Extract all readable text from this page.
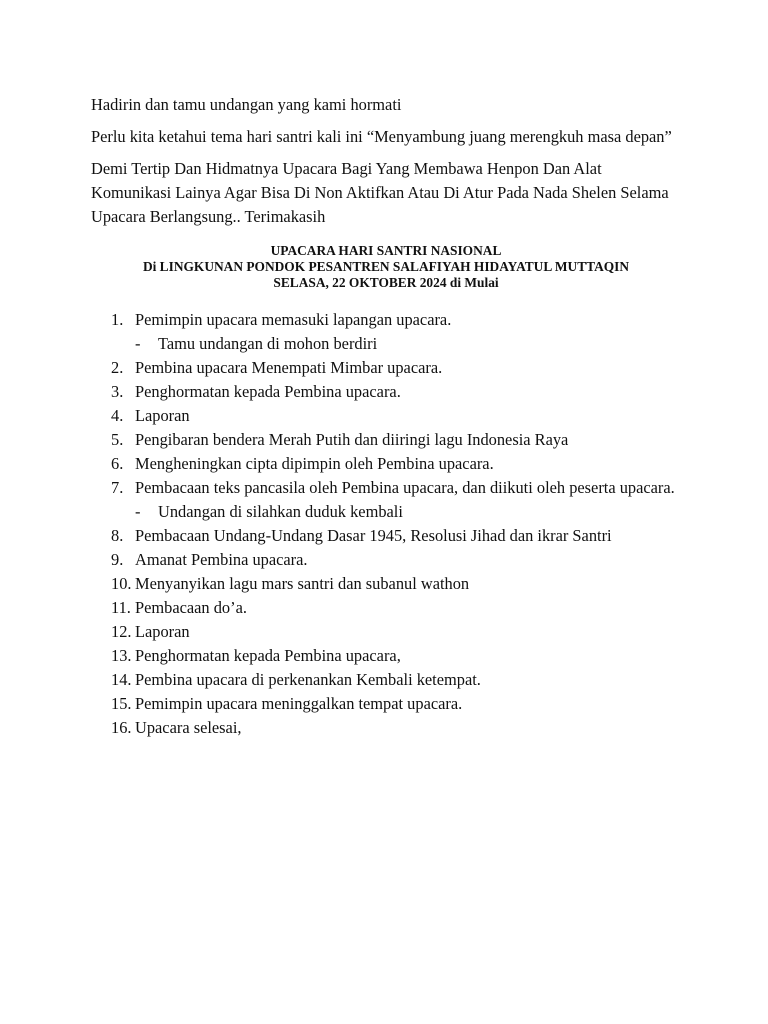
Hadirin dan tamu undangan yang kami hormati

Perlu kita ketahui tema hari santri kali ini “Menyambung juang merengkuh masa depan”

Demi Tertip Dan Hidmatnya Upacara Bagi Yang Membawa Henpon Dan Alat Komunikasi Lainya Agar Bisa Di Non Aktifkan Atau Di Atur Pada Nada Shelen Selama Upacara Berlangsung.. Terimakasih

UPACARA HARI SANTRI NASIONAL
Di LINGKUNAN PONDOK PESANTREN SALAFIYAH HIDAYATUL MUTTAQIN
SELASA, 22 OKTOBER 2024 di Mulai
1. Pemimpin upacara memasuki lapangan upacara.
-	Tamu undangan di mohon berdiri
2. Pembina upacara Menempati Mimbar upacara.
3. Penghormatan kepada Pembina upacara.
4. Laporan
5. Pengibaran bendera Merah Putih dan diiringi lagu Indonesia Raya
6. Mengheningkan cipta dipimpin oleh Pembina upacara.
7. Pembacaan teks pancasila oleh Pembina upacara, dan diikuti oleh peserta upacara.
-	Undangan di silahkan duduk kembali
8. Pembacaan Undang-Undang Dasar 1945, Resolusi Jihad dan ikrar Santri
9. Amanat Pembina upacara.
10. Menyanyikan lagu mars santri dan subanul wathon
11. Pembacaan do’a.
12. Laporan
13. Penghormatan kepada Pembina upacara,
14. Pembina upacara di perkenankan Kembali ketempat.
15. Pemimpin upacara meninggalkan tempat upacara.
16. Upacara selesai,
